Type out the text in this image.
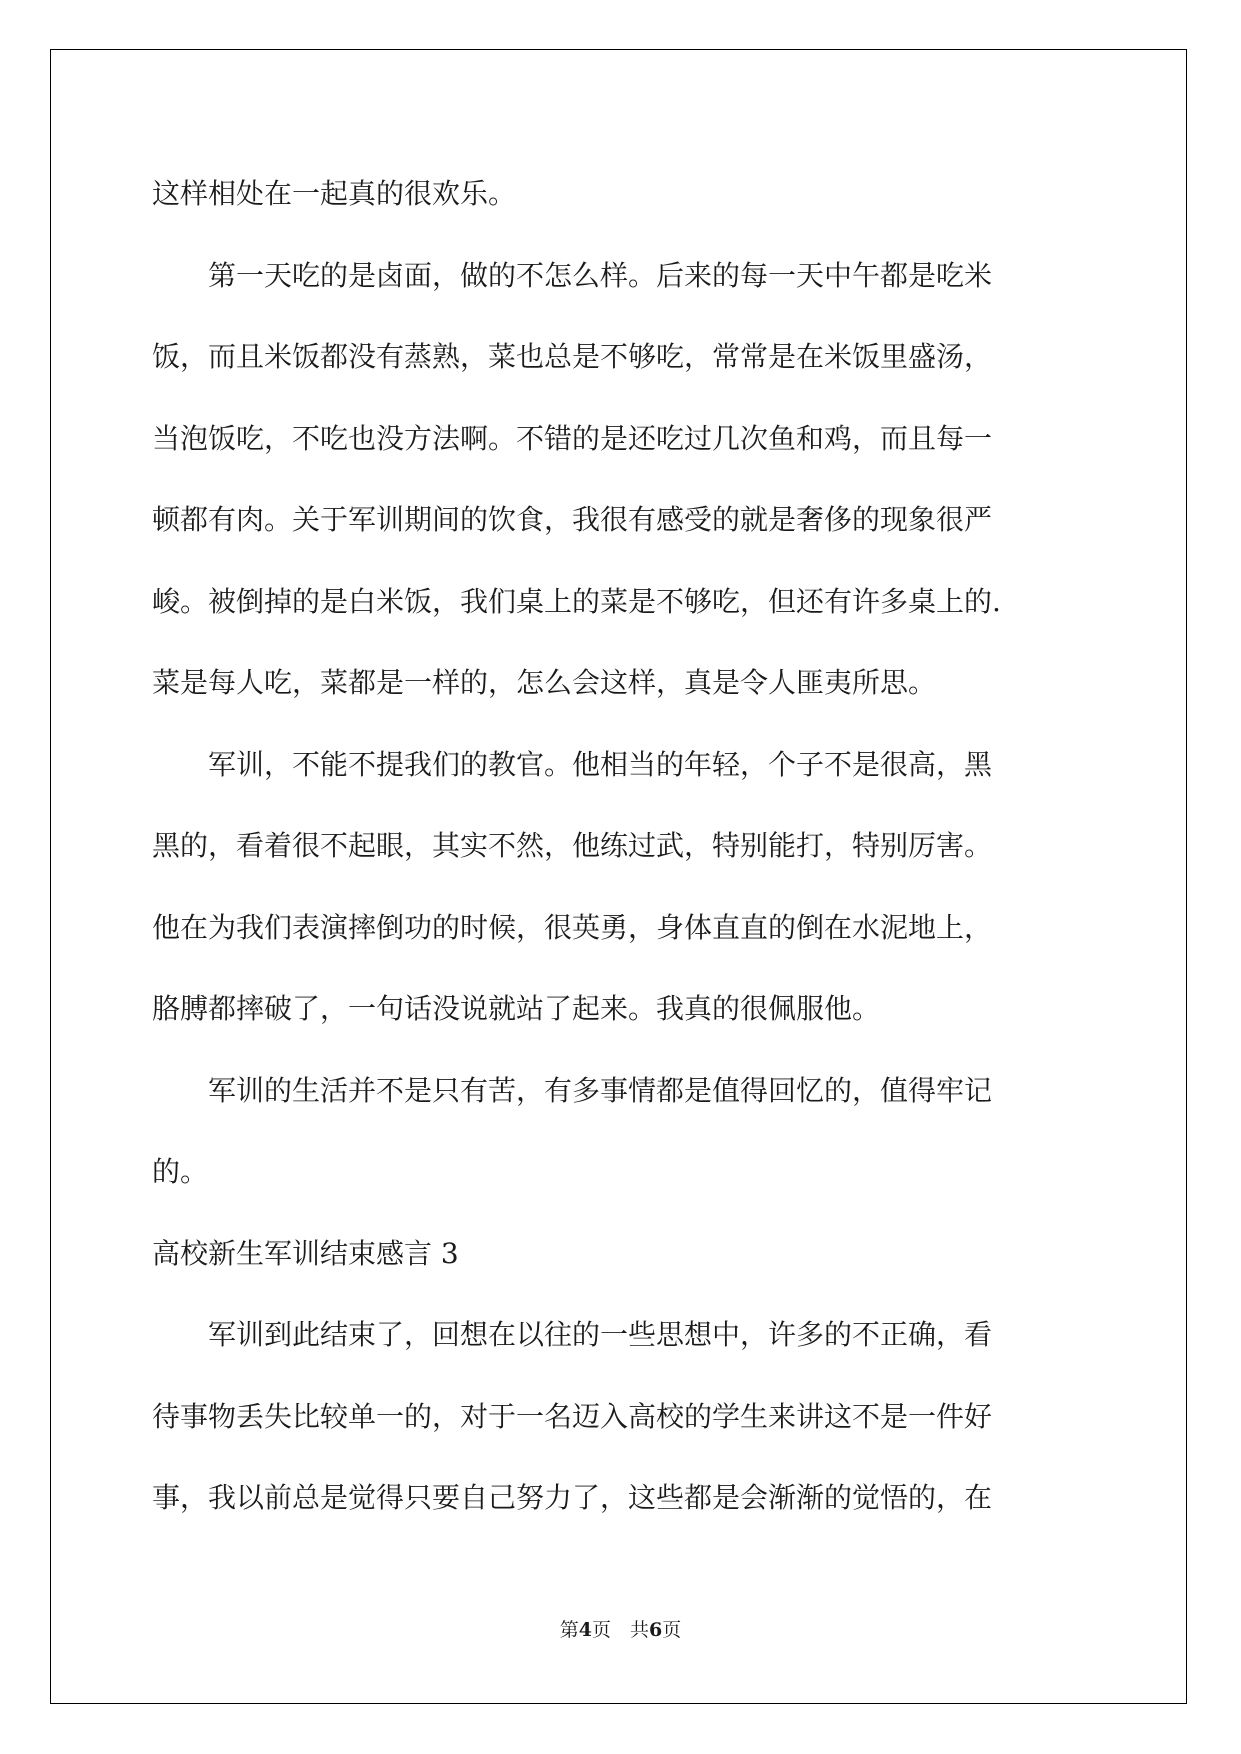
这样相处在一起真的很欢乐。
　　第一天吃的是卤面，做的不怎么样。后来的每一天中午都是吃米
饭，而且米饭都没有蒸熟，菜也总是不够吃，常常是在米饭里盛汤，
当泡饭吃，不吃也没方法啊。不错的是还吃过几次鱼和鸡，而且每一
顿都有肉。关于军训期间的饮食，我很有感受的就是奢侈的现象很严
峻。被倒掉的是白米饭，我们桌上的菜是不够吃，但还有许多桌上的.
菜是每人吃，菜都是一样的，怎么会这样，真是令人匪夷所思。
　　军训，不能不提我们的教官。他相当的年轻，个子不是很高，黑
黑的，看着很不起眼，其实不然，他练过武，特别能打，特别厉害。
他在为我们表演摔倒功的时候，很英勇，身体直直的倒在水泥地上，
胳膊都摔破了，一句话没说就站了起来。我真的很佩服他。
　　军训的生活并不是只有苦，有多事情都是值得回忆的，值得牢记
的。
高校新生军训结束感言 3
　　军训到此结束了，回想在以往的一些思想中，许多的不正确，看
待事物丢失比较单一的，对于一名迈入高校的学生来讲这不是一件好
事，我以前总是觉得只要自己努力了，这些都是会渐渐的觉悟的，在
第4页　共6页
